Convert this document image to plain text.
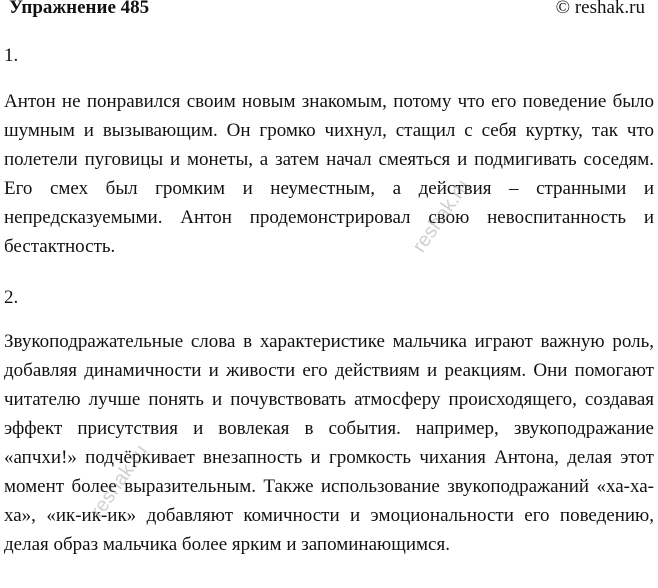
Упражнение 485	© reshak.ru
1.

Антон не понравился своим новым знакомым, потому что его поведение было шумным и вызывающим. Он громко чихнул, стащил с себя куртку, так что полетели пуговицы и монеты, а затем начал смеяться и подмигивать соседям. Его смех был громким и неуместным, а действия – странными и непредсказуемыми. Антон продемонстрировал свою невоспитанность и бестактность.

2.

Звукоподражательные слова в характеристике мальчика играют важную роль, добавляя динамичности и живости его действиям и реакциям. Они помогают читателю лучше понять и почувствовать атмосферу происходящего, создавая эффект присутствия и вовлекая в события. например, звукоподражание «апчхи!» подчёркивает внезапность и громкость чихания Антона, делая этот момент более выразительным. Также использование звукоподражаний «ха-ха-ха», «ик-ик-ик» добавляют комичности и эмоциональности его поведению, делая образ мальчика более ярким и запоминающимся.

reshak.ru
reshak.ru
